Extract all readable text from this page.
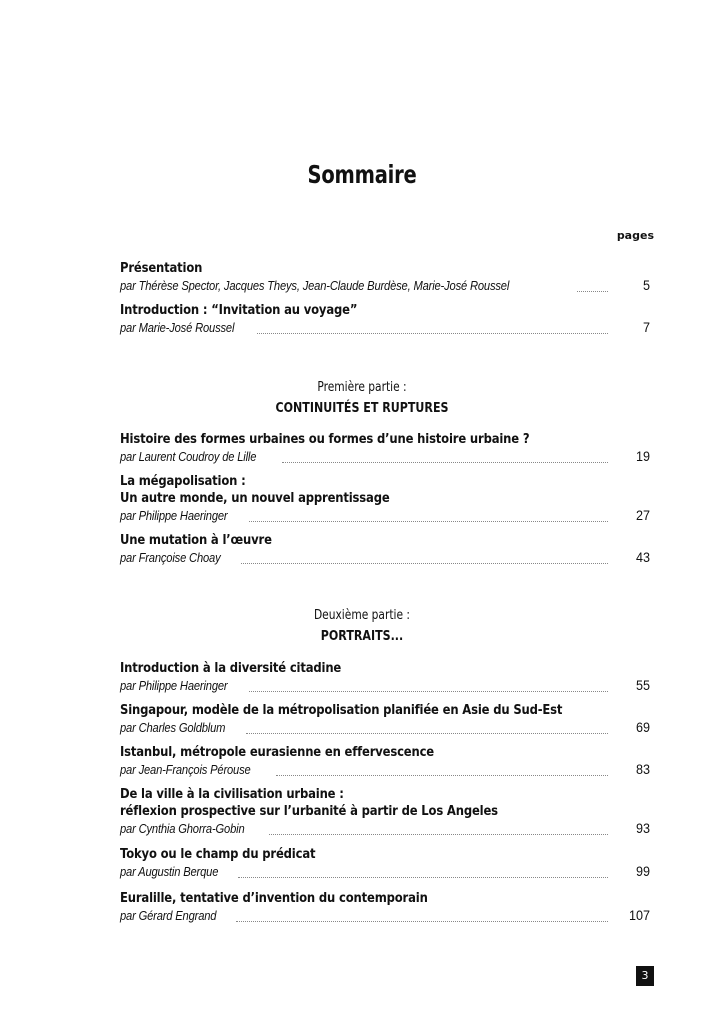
Sommaire
pages
Présentation
par Thérèse Spector, Jacques Theys, Jean-Claude Burdèse, Marie-José Roussel	5
Introduction : “Invitation au voyage”
par Marie-José Roussel	7
Première partie :
CONTINUITÉS ET RUPTURES
Histoire des formes urbaines ou formes d’une histoire urbaine ?
par Laurent Coudroy de Lille	19
La mégapolisation :
Un autre monde, un nouvel apprentissage
par Philippe Haeringer	27
Une mutation à l’œuvre
par Françoise Choay	43
Deuxième partie :
PORTRAITS...
Introduction à la diversité citadine
par Philippe Haeringer	55
Singapour, modèle de la métropolisation planifiée en Asie du Sud-Est
par Charles Goldblum	69
Istanbul, métropole eurasienne en effervescence
par Jean-François Pérouse	83
De la ville à la civilisation urbaine :
réflexion prospective sur l’urbanité à partir de Los Angeles
par Cynthia Ghorra-Gobin	93
Tokyo ou le champ du prédicat
par Augustin Berque	99
Euralille, tentative d’invention du contemporain
par Gérard Engrand	107
3
